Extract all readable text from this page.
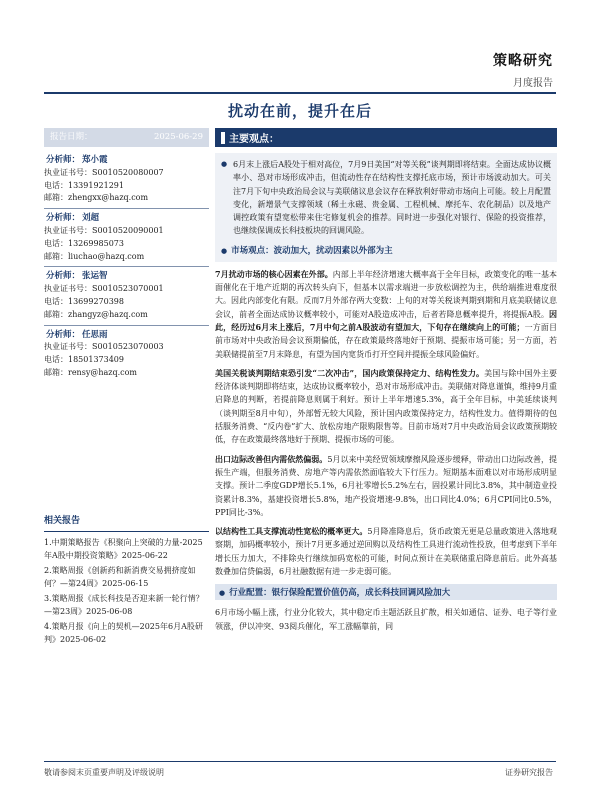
策略研究
月度报告
扰动在前，提升在后
报告日期：	2025-06-29
分析师： 郑小霞
执业证书号：S0010520080007
电话：13391921291
邮箱：zhengxx@hazq.com
分析师： 刘超
执业证书号：S0010520090001
电话：13269985073
邮箱：liuchao@hazq.com
分析师： 张运智
执业证书号：S0010523070001
电话：13699270398
邮箱：zhangyz@hazq.com
分析师： 任思雨
执业证书号：S0010523070003
电话：18501373409
邮箱：rensy@hazq.com
相关报告
1.中期策略报告《积聚向上突破的力量-2025年A股中期投资策略》2025-06-22
2.策略周报《创新药和新消费交易拥挤度如何？—第24周》2025-06-15
3.策略周报《成长科技是否迎来新一轮行情？—第23周》2025-06-08
4.策略月报《向上的契机—2025年6月A股研判》2025-06-02
主要观点：
● 6月末上涨后A股处于相对高位，7月9日美国“对等关税”谈判期即将结束。全面达成协议概率小、恐对市场形成冲击，但流动性存在结构性支撑托底市场，预计市场波动加大。可关注7月下旬中央政治局会议与美联储议息会议存在释放利好带动市场向上可能。较上月配置变化，新增景气支撑领域（稀土永磁、贵金属、工程机械、摩托车、农化制品）以及地产调控政策有望宽松带来住宅修复机会的推荐。同时进一步强化对银行、保险的投资推荐，也继续保调成长科技板块的回调风险。
● 市场观点：波动加大，扰动因素以外部为主
7月扰动市场的核心因素在外部。内部上半年经济增速大概率高于全年目标，政策变化的唯一基本面催化在于地产近期的再次转头向下，但基本以需求端进一步放松调控为主，供给端推进难度很大。因此内部变化有限。反而7月外部存两大变数：上旬的对等关税谈判期到期和月底美联储议息会议，前者全面达成协议概率较小，可能对A股造成冲击，后者若降息概率提升，将提振A股。因此，经历过6月末上涨后，7月中旬之前A股波动有望加大，下旬存在继续向上的可能；一方面目前市场对中央政治局会议预期偏低，存在政策最终落地好于预期、提振市场可能；另一方面，若美联储提前至7月末降息，有望为国内宽货币打开空间并提振全球风险偏好。
美国关税谈判期结束恐引发“二次冲击”，国内政策保持定力、结构性发力。美国与除中国外主要经济体谈判期即将结束，达成协议概率较小，恐对市场形成冲击。美联储对降息谨慎，维持9月重启降息的判断，若提前降息则属于利好。预计上半年增速5.3%，高于全年目标，中美延续谈判（谈判期至8月中旬），外部暂无较大风险，预计国内政策保持定力，结构性发力。值得期待的包括服务消费、“反内卷”扩大、放松房地产限购限售等。目前市场对7月中央政治局会议政策预期较低，存在政策最终落地好于预期、提振市场的可能。
出口边际改善但内需依然偏弱。5月以来中美经贸领域摩擦风险逐步缓释，带动出口边际改善，提振生产端，但服务消费、房地产等内需依然面临较大下行压力。短期基本面难以对市场形成明显支撑。预计二季度GDP增长5.1%，6月社零增长5.2%左右，固投累计同比3.8%，其中制造业投资累计8.3%，基建投资增长5.8%，地产投资增速-9.8%，出口同比4.0%；6月CPI同比0.5%，PPI同比-3%。
以结构性工具支撑流动性宽松的概率更大。5月降准降息后，货币政策无更是总量政策进入落地观察期，加码概率较小，预计7月更多通过逆回购以及结构性工具进行流动性投放，但考虑到下半年增长压力加大，不排除央行继续加码宽松的可能，时间点预计在美联储重启降息前后。此外高基数叠加信贷偏弱，6月社融数据有进一步走弱可能。
● 行业配置：银行保险配置价值仍高，成长科技回调风险加大
6月市场小幅上涨，行业分化较大，其中稳定币主题活跃且扩散，相关如通信、证券、电子等行业领涨，伊以冲突、93阅兵催化，军工涨幅靠前，同
敬请参阅末页重要声明及评级说明	证券研究报告
